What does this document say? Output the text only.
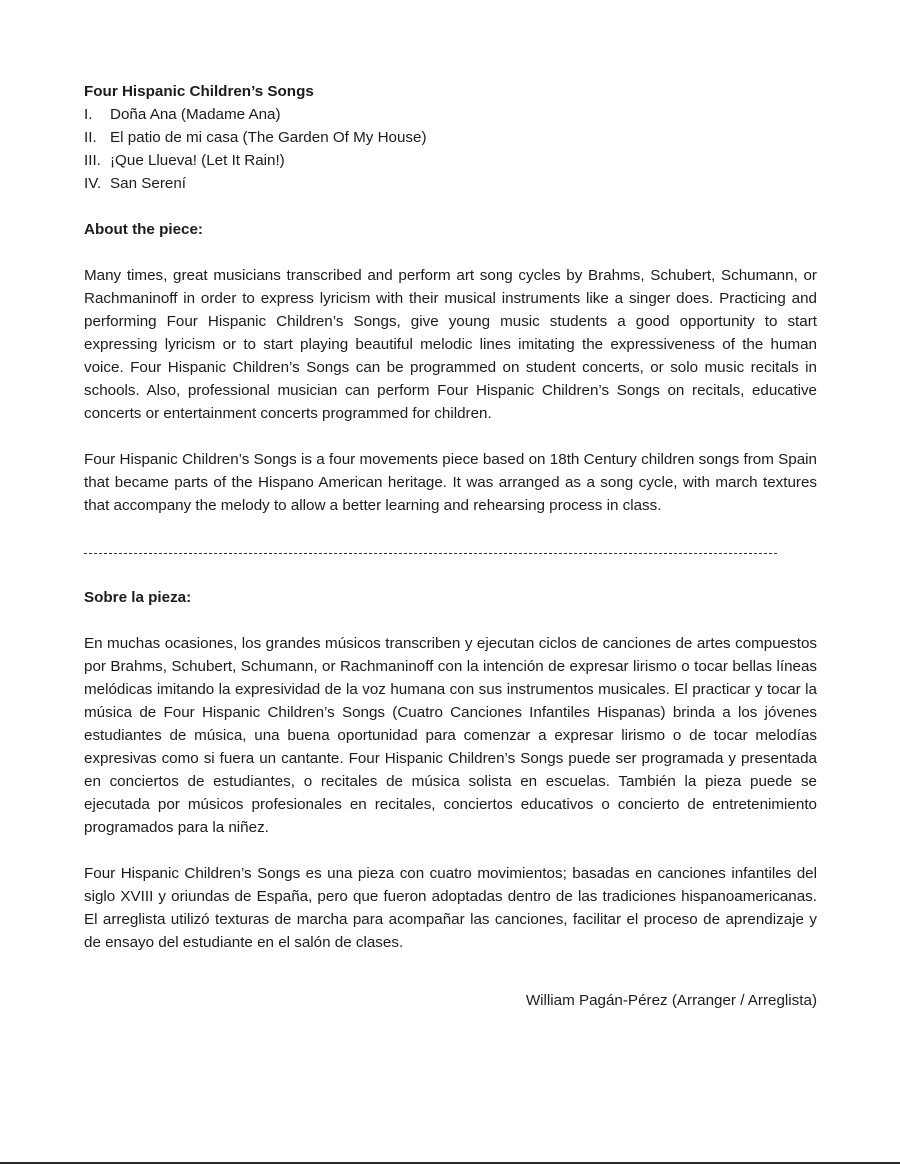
Four Hispanic Children’s Songs

I.	Doña Ana (Madame Ana)
II. El patio de mi casa (The Garden Of My House)
III. ¡Que Llueva! (Let It Rain!)
IV. San Serení

About the piece:

Many times, great musicians transcribed and perform art song cycles by Brahms, Schubert, Schumann, or Rachmaninoff in order to express lyricism with their musical instruments like a singer does. Practicing and performing Four Hispanic Children’s Songs, give young music students a good opportunity to start expressing lyricism or to start playing beautiful melodic lines imitating the expressiveness of the human voice. Four Hispanic Children’s Songs can be programmed on student concerts, or solo music recitals in schools. Also, professional musician can perform Four Hispanic Children’s Songs on recitals, educative concerts or entertainment concerts programmed for children.

Four Hispanic Children’s Songs is a four movements piece based on 18th Century children songs from Spain that became parts of the Hispano American heritage. It was arranged as a song cycle, with march textures that accompany the melody to allow a better learning and rehearsing process in class.

Sobre la pieza:

En muchas ocasiones, los grandes músicos transcriben y ejecutan ciclos de canciones de artes compuestos por Brahms, Schubert, Schumann, or Rachmaninoff con la intención de expresar lirismo o tocar bellas líneas melódicas imitando la expresividad de la voz humana con sus instrumentos musicales. El practicar y tocar la música de Four Hispanic Children’s Songs (Cuatro Canciones Infantiles Hispanas) brinda a los jóvenes estudiantes de música, una buena oportunidad para comenzar a expresar lirismo o de tocar melodías expresivas como si fuera un cantante. Four Hispanic Children’s Songs puede ser programada y presentada en conciertos de estudiantes, o recitales de música solista en escuelas. También la pieza puede se ejecutada por músicos profesionales en recitales, conciertos educativos o concierto de entretenimiento programados para la niñez.

Four Hispanic Children’s Songs es una pieza con cuatro movimientos; basadas en canciones infantiles del siglo XVIII y oriundas de España, pero que fueron adoptadas dentro de las tradiciones hispanoamericanas. El arreglista utilizó texturas de marcha para acompañar las canciones, facilitar el proceso de aprendizaje y de ensayo del estudiante en el salón de clases.

William Pagán-Pérez (Arranger / Arreglista)
